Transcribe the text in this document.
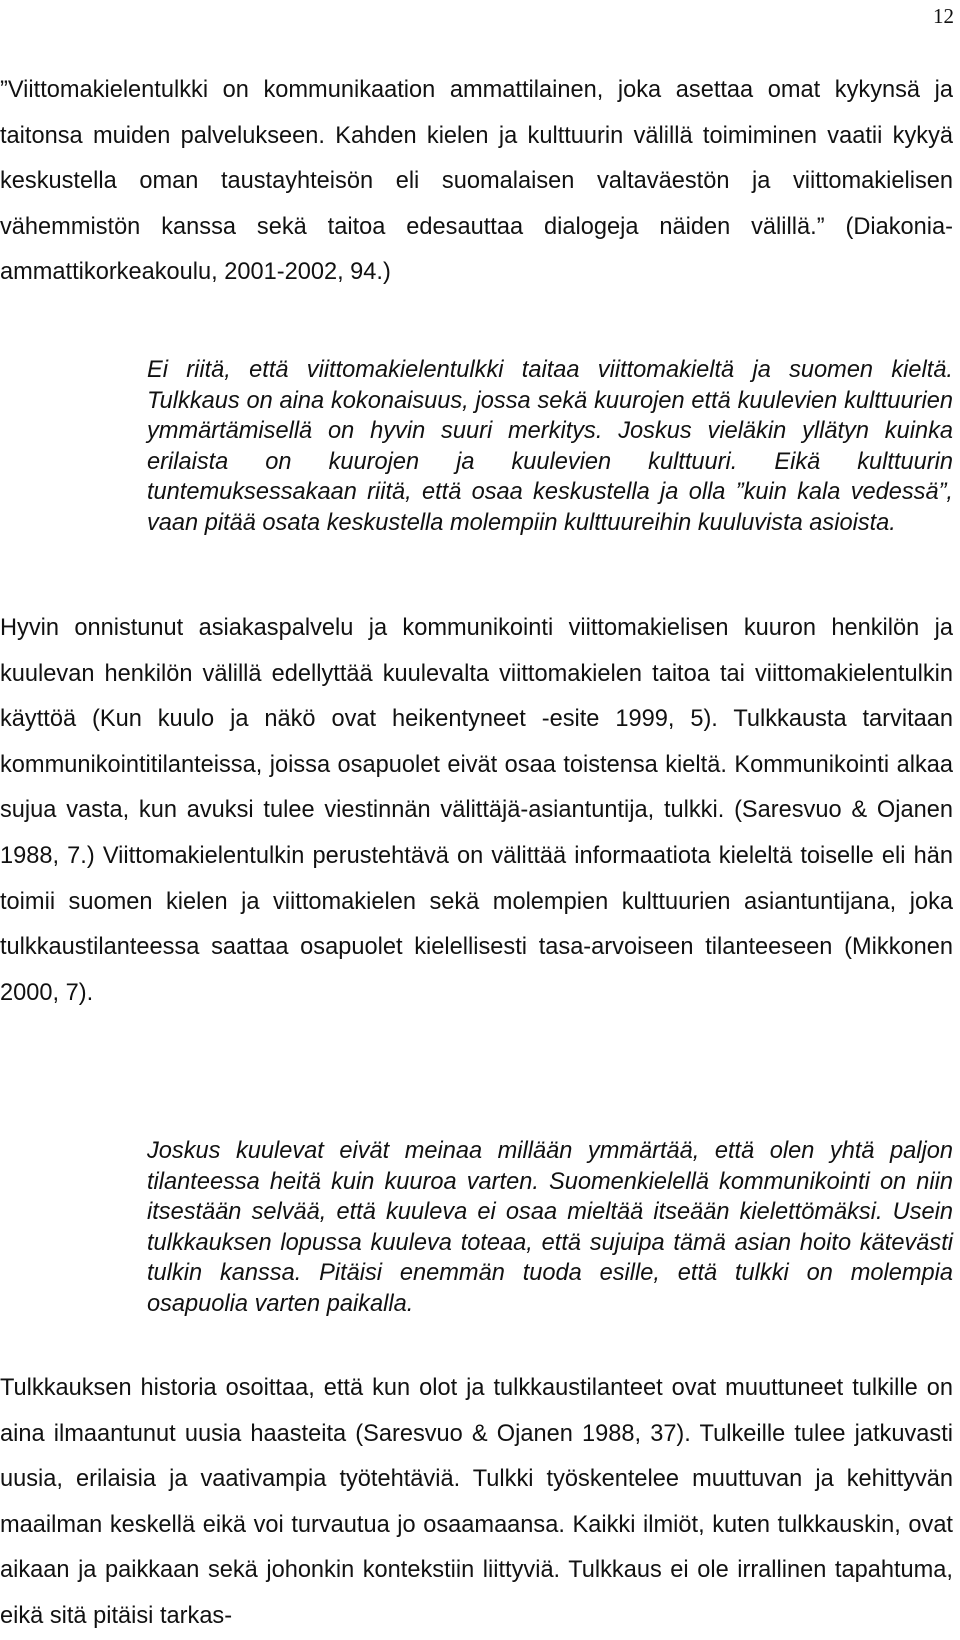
12

”Viittomakielentulkki on kommunikaation ammattilainen, joka asettaa omat kykynsä ja taitonsa muiden palvelukseen. Kahden kielen ja kulttuurin välillä toimiminen vaatii kykyä keskustella oman taustayhteisön eli suomalaisen valtaväestön ja viittomakielisen vähemmistön kanssa sekä taitoa edesauttaa dialogeja näiden välillä.” (Diakonia-ammattikorkeakoulu, 2001-2002, 94.)

Ei riitä, että viittomakielentulkki taitaa viittomakieltä ja suomen kieltä. Tulkkaus on aina kokonaisuus, jossa sekä kuurojen että kuulevien kulttuurien ymmärtämisellä on hyvin suuri merkitys. Joskus vieläkin yllätyn kuinka erilaista on kuurojen ja kuulevien kulttuuri. Eikä kulttuurin tuntemuksessakaan riitä, että osaa keskustella ja olla ”kuin kala vedessä”, vaan pitää osata keskustella molempiin kulttuureihin kuuluvista asioista.

Hyvin onnistunut asiakaspalvelu ja kommunikointi viittomakielisen kuuron henkilön ja kuulevan henkilön välillä edellyttää kuulevalta viittomakielen taitoa tai viittomakielentulkin käyttöä (Kun kuulo ja näkö ovat heikentyneet -esite 1999, 5). Tulkkausta tarvitaan kommunikointitilanteissa, joissa osapuolet eivät osaa toistensa kieltä. Kommunikointi alkaa sujua vasta, kun avuksi tulee viestinnän välittäjä-asiantuntija, tulkki. (Saresvuo & Ojanen 1988, 7.) Viittomakielentulkin perustehtävä on välittää informaatiota kieleltä toiselle eli hän toimii suomen kielen ja viittomakielen sekä molempien kulttuurien asiantuntijana, joka tulkkaustilanteessa saattaa osapuolet kielellisesti tasa-arvoiseen tilanteeseen (Mikkonen 2000, 7).

Joskus kuulevat eivät meinaa millään ymmärtää, että olen yhtä paljon tilanteessa heitä kuin kuuroa varten. Suomenkielellä kommunikointi on niin itsestään selvää, että kuuleva ei osaa mieltää itseään kielettömäksi. Usein tulkkauksen lopussa kuuleva toteaa, että sujuipa tämä asian hoito kätevästi tulkin kanssa. Pitäisi enemmän tuoda esille, että tulkki on molempia osapuolia varten paikalla.

Tulkkauksen historia osoittaa, että kun olot ja tulkkaustilanteet ovat muuttuneet tulkille on aina ilmaantunut uusia haasteita (Saresvuo & Ojanen 1988, 37). Tulkeille tulee jatkuvasti uusia, erilaisia ja vaativampia työtehtäviä. Tulkki työskentelee muuttuvan ja kehittyvän maailman keskellä eikä voi turvautua jo osaamaansa. Kaikki ilmiöt, kuten tulkkauskin, ovat aikaan ja paikkaan sekä johonkin kontekstiin liittyviä. Tulkkaus ei ole irrallinen tapahtuma, eikä sitä pitäisi tarkas-
